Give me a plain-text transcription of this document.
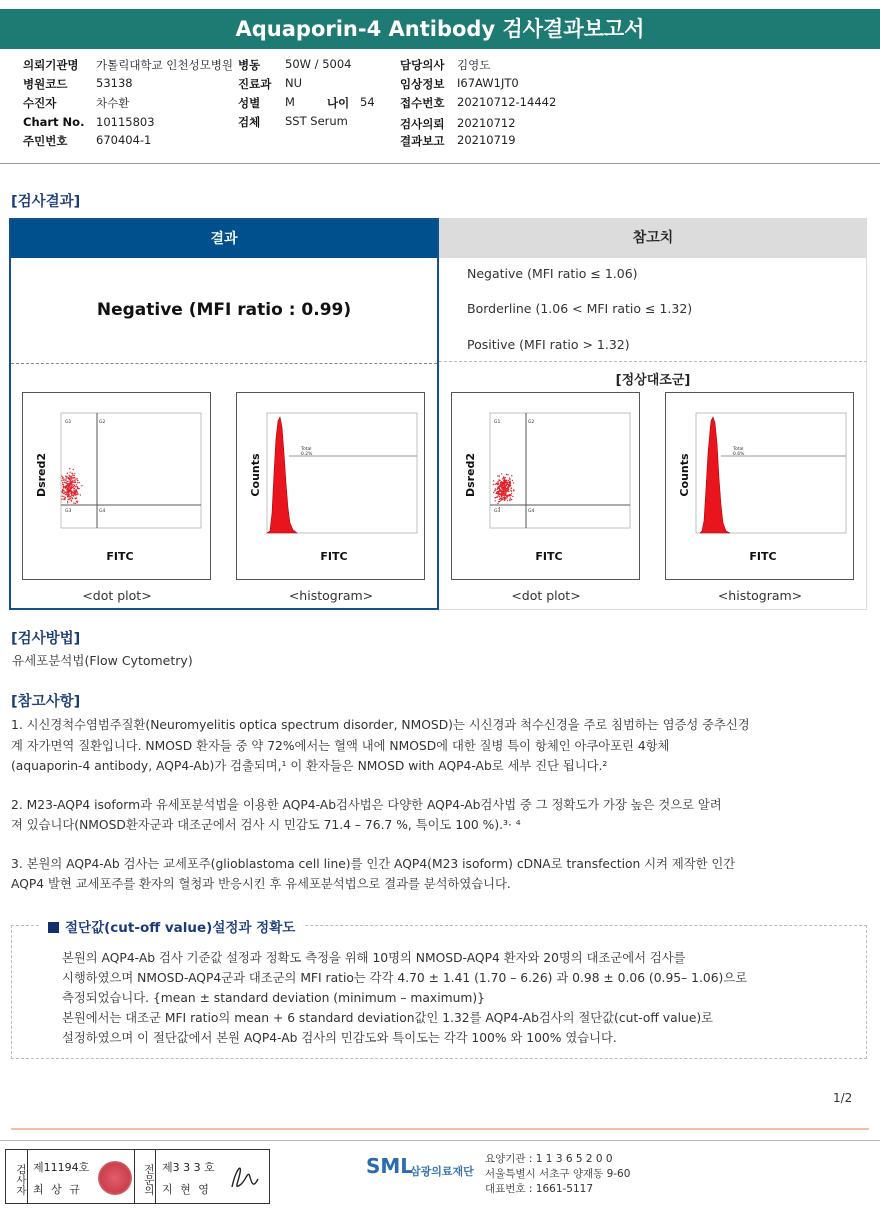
Aquaporin-4 Antibody 검사결과보고서
의뢰기관명 가톨릭대학교 인천성모병원
병원코드 53138
수진자	차수환
Chart No. 10115803
주민번호 670404-1
병동 50W / 5004
진료과 NU
성별 M	나이 54
검체 SST Serum
담당의사 김영도
임상정보 I67AW1JT0
접수번호 20210712-14442
검사의뢰 20210712
결과보고 20210719
[검사결과]
결과
Negative (MFI ratio : 0.99)
참고치
Negative (MFI ratio ≤ 1.06)
Borderline (1.06 < MFI ratio ≤ 1.32)
Positive (MFI ratio > 1.32)
[정상대조군]
G1	G2
G3	G4
Dsred2
FITC
<dot plot>
Total
0.2%
Counts
FITC
<histogram>
G1	G2
G3	G4
Dsred2
FITC
<dot plot>
Total
0.6%
Counts
FITC
<histogram>
[검사방법]
유세포분석법(Flow Cytometry)
[참고사항]
1. 시신경척수염범주질환(Neuromyelitis optica spectrum disorder, NMOSD)는 시신경과 척수신경을 주로 침범하는 염증성 중추신경
계 자가면역 질환입니다. NMOSD 환자들 중 약 72%에서는 혈액 내에 NMOSD에 대한 질병 특이 항체인 아쿠아포린 4항체
(aquaporin-4 antibody, AQP4-Ab)가 검출되며,¹ 이 환자들은 NMOSD with AQP4-Ab로 세부 진단 됩니다.²
2. M23-AQP4 isoform과 유세포분석법을 이용한 AQP4-Ab검사법은 다양한 AQP4-Ab검사법 중 그 정확도가 가장 높은 것으로 알려
져 있습니다(NMOSD환자군과 대조군에서 검사 시 민감도 71.4 – 76.7 %, 특이도 100 %).³· ⁴
3. 본원의 AQP4-Ab 검사는 교세포주(glioblastoma cell line)를 인간 AQP4(M23 isoform) cDNA로 transfection 시켜 제작한 인간
AQP4 발현 교세포주를 환자의 혈청과 반응시킨 후 유세포분석법으로 결과를 분석하였습니다.
절단값(cut-off value)설정과 정확도
본원의 AQP4-Ab 검사 기준값 설정과 정확도 측정을 위해 10명의 NMOSD-AQP4 환자와 20명의 대조군에서 검사를
시행하였으며 NMOSD-AQP4군과 대조군의 MFI ratio는 각각 4.70 ± 1.41 (1.70 – 6.26) 과 0.98 ± 0.06 (0.95– 1.06)으로
측정되었습니다. {mean ± standard deviation (minimum – maximum)}
본원에서는 대조군 MFI ratio의 mean + 6 standard deviation값인 1.32를 AQP4-Ab검사의 절단값(cut-off value)로
설정하였으며 이 절단값에서 본원 AQP4-Ab 검사의 민감도와 특이도는 각각 100% 와 100% 였습니다.
1/2
검사자 제11194호
최 상 규	전문의 제3 3 3 호
지 현 영
SML
삼광의료재단
요양기관 : 1 1 3 6 5 2 0 0
서울특별시 서초구 양재동 9-60
대표번호 : 1661-5117
